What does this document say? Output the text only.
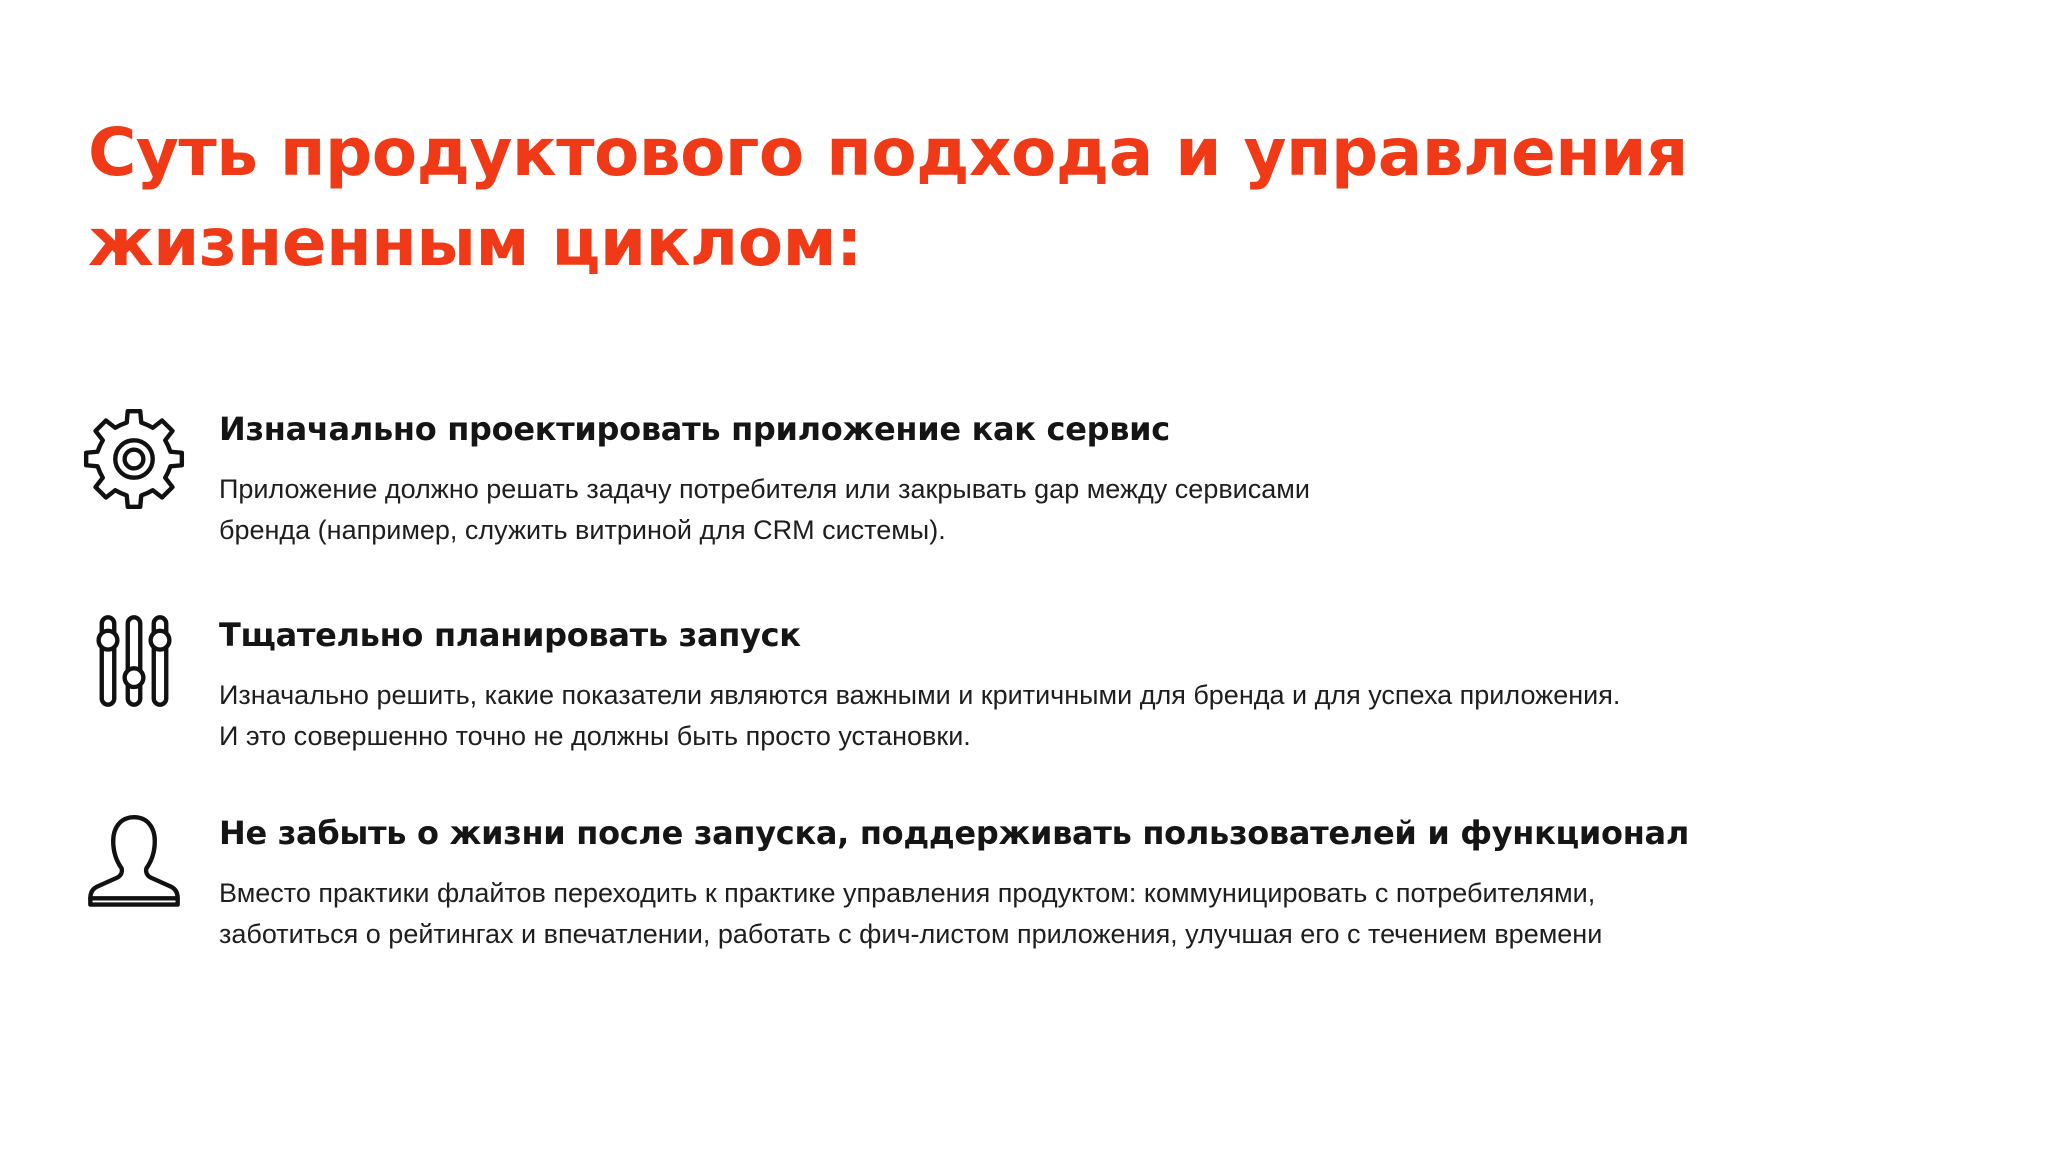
Суть продуктового подхода и управления
жизненным циклом:
Изначально проектировать приложение как сервис

Приложение должно решать задачу потребителя или закрывать gap между сервисами
бренда (например, служить витриной для CRM системы).

Тщательно планировать запуск

Изначально решить, какие показатели являются важными и критичными для бренда и для успеха приложения.
И это совершенно точно не должны быть просто установки.

Не забыть о жизни после запуска, поддерживать пользователей и функционал

Вместо практики флайтов переходить к практике управления продуктом: коммуницировать с потребителями,
заботиться о рейтингах и впечатлении, работать с фич-листом приложения, улучшая его с течением времени
